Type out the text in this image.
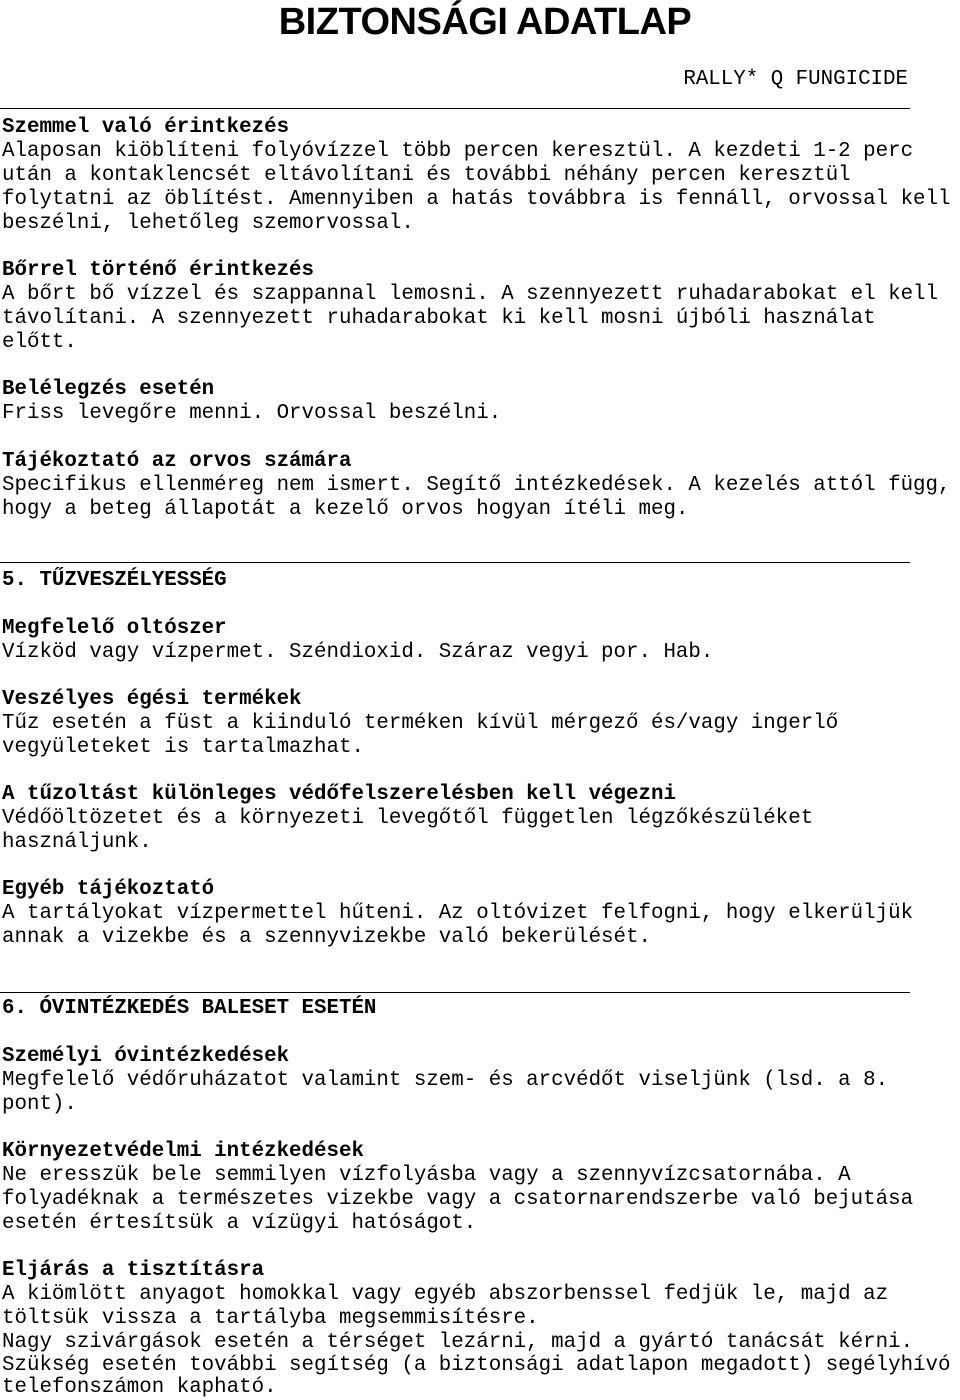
BIZTONSÁGI ADATLAP

RALLY* Q FUNGICIDE

Szemmel való érintkezés

Alaposan kiöblíteni folyóvízzel több percen keresztül. A kezdeti 1-2 perc

után a kontaklencsét eltávolítani és további néhány percen keresztül

folytatni az öblítést. Amennyiben a hatás továbbra is fennáll, orvossal kell

beszélni, lehetőleg szemorvossal.

Bőrrel történő érintkezés

A bőrt bő vízzel és szappannal lemosni. A szennyezett ruhadarabokat el kell

távolítani. A szennyezett ruhadarabokat ki kell mosni újbóli használat

előtt.

Belélegzés esetén

Friss levegőre menni. Orvossal beszélni.

Tájékoztató az orvos számára

Specifikus ellenméreg nem ismert. Segítő intézkedések. A kezelés attól függ,

hogy a beteg állapotát a kezelő orvos hogyan ítéli meg.

5. TŰZVESZÉLYESSÉG

Megfelelő oltószer

Vízköd vagy vízpermet. Széndioxid. Száraz vegyi por. Hab.

Veszélyes égési termékek

Tűz esetén a füst a kiinduló terméken kívül mérgező és/vagy ingerlő

vegyületeket is tartalmazhat.

A tűzoltást különleges védőfelszerelésben kell végezni

Védőöltözetet és a környezeti levegőtől független légzőkészüléket

használjunk.

Egyéb tájékoztató

A tartályokat vízpermettel hűteni. Az oltóvizet felfogni, hogy elkerüljük

annak a vizekbe és a szennyvizekbe való bekerülését.

6. ÓVINTÉZKEDÉS BALESET ESETÉN

Személyi óvintézkedések

Megfelelő védőruházatot valamint szem- és arcvédőt viseljünk (lsd. a 8.

pont).

Környezetvédelmi intézkedések

Ne eresszük bele semmilyen vízfolyásba vagy a szennyvízcsatornába. A

folyadéknak a természetes vizekbe vagy a csatornarendszerbe való bejutása

esetén értesítsük a vízügyi hatóságot.

Eljárás a tisztításra

A kiömlött anyagot homokkal vagy egyéb abszorbenssel fedjük le, majd az

töltsük vissza a tartályba megsemmisítésre.

Nagy szivárgások esetén a térséget lezárni, majd a gyártó tanácsát kérni.

Szükség esetén további segítség (a biztonsági adatlapon megadott) segélyhívó

telefonszámon kapható.
